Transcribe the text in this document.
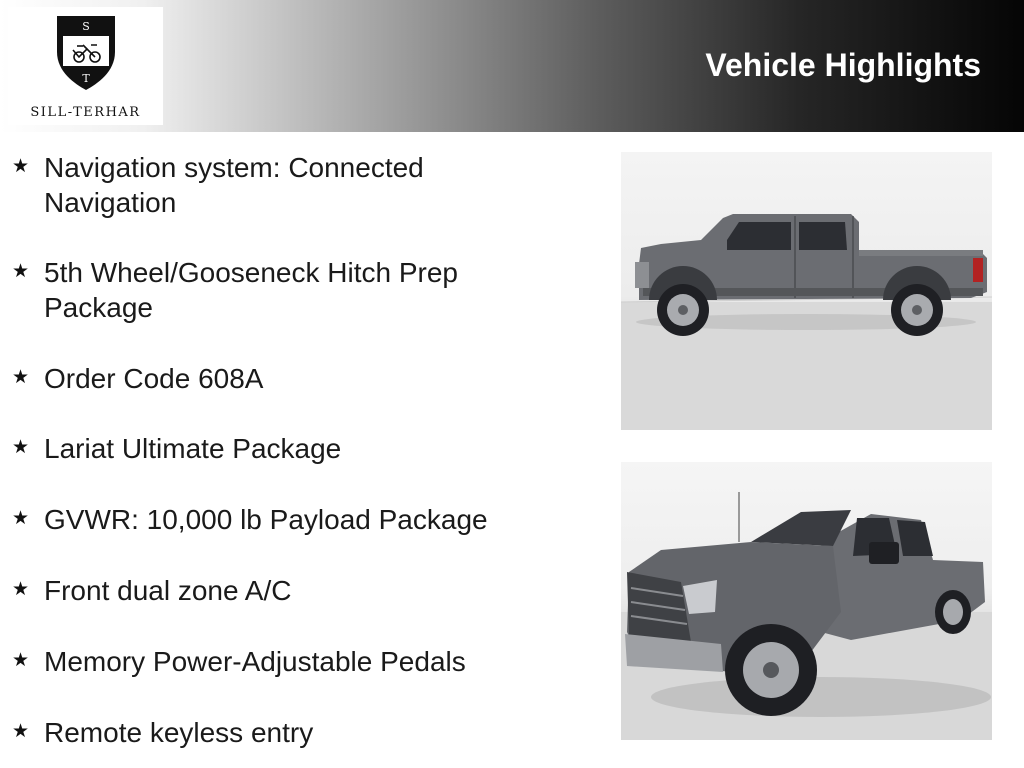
S
T
SILL-TERHAR
Vehicle Highlights
★ Navigation system: Connected Navigation
★ 5th Wheel/Gooseneck Hitch Prep Package
★ Order Code 608A
★ Lariat Ultimate Package
★ GVWR: 10,000 lb Payload Package
★ Front dual zone A/C
★ Memory Power-Adjustable Pedals
★ Remote keyless entry
